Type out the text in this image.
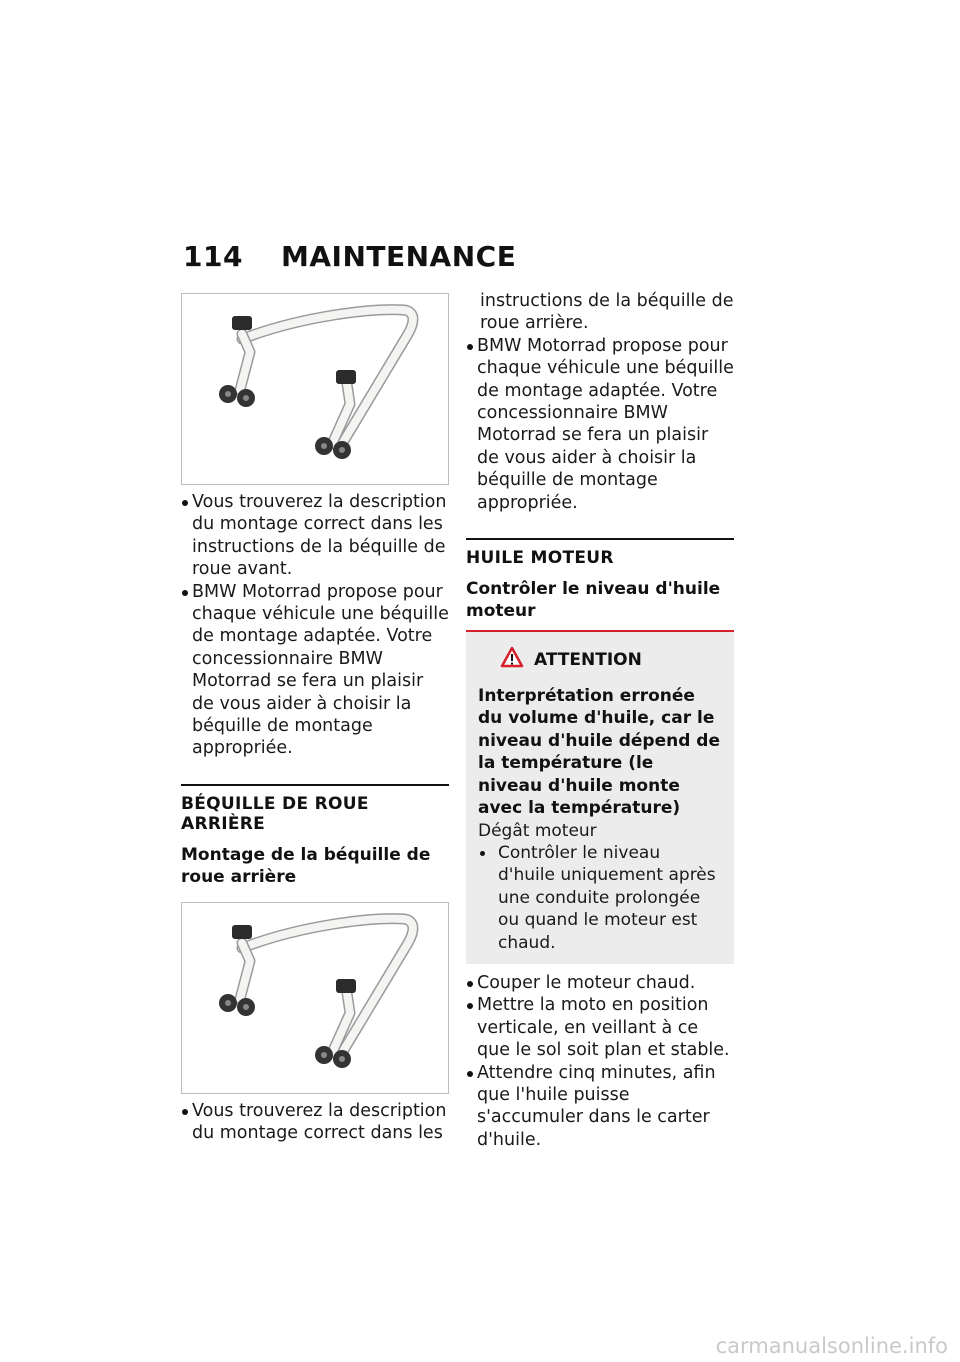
114 MAINTENANCE
Vous trouverez la description du montage correct dans les instructions de la béquille de roue avant.
BMW Motorrad propose pour chaque véhicule une béquille de montage adaptée. Votre concessionnaire BMW Motorrad se fera un plaisir de vous aider à choisir la béquille de montage appropriée.
BÉQUILLE DE ROUE ARRIÈRE
Montage de la béquille de roue arrière
Vous trouverez la description du montage correct dans les
instructions de la béquille de roue arrière.
BMW Motorrad propose pour chaque véhicule une béquille de montage adaptée. Votre concessionnaire BMW Motorrad se fera un plaisir de vous aider à choisir la béquille de montage appropriée.
HUILE MOTEUR
Contrôler le niveau d'huile moteur
ATTENTION
Interprétation erronée du volume d'huile, car le niveau d'huile dépend de la température (le niveau d'huile monte avec la température)
Dégât moteur
Contrôler le niveau d'huile uniquement après une conduite prolongée ou quand le moteur est chaud.
Couper le moteur chaud.
Mettre la moto en position verticale, en veillant à ce que le sol soit plan et stable.
Attendre cinq minutes, afin que l'huile puisse s'accumuler dans le carter d'huile.
carmanualsonline.info
